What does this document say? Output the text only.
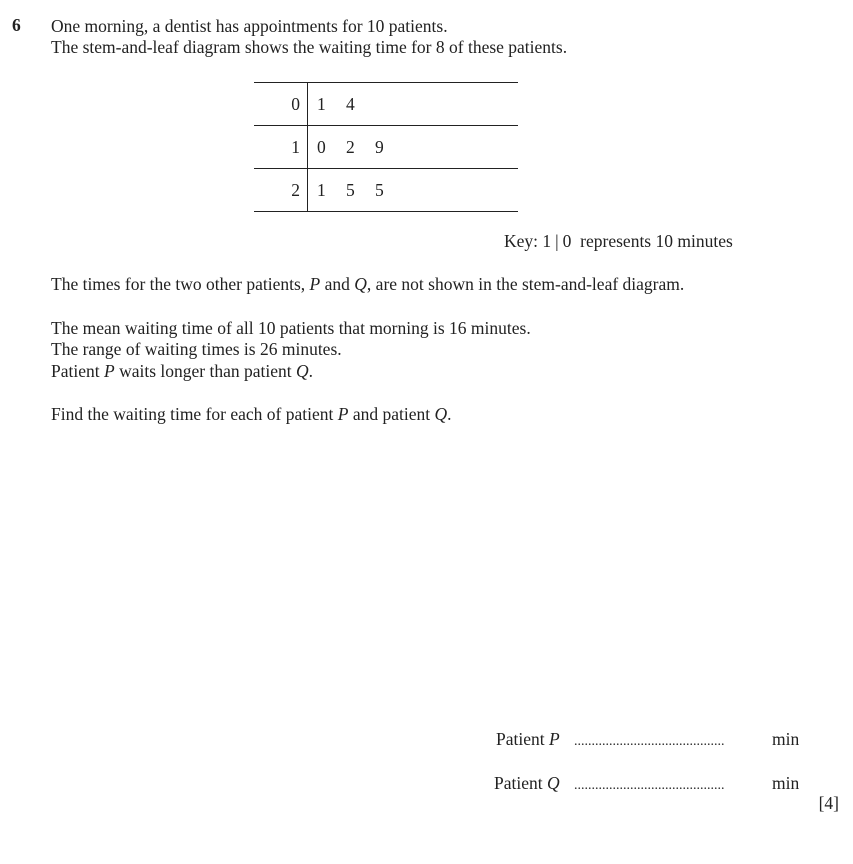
6 One morning, a dentist has appointments for 10 patients.
The stem-and-leaf diagram shows the waiting time for 8 of these patients.
0 1	4
1 0	2	9
2 1	5	5
Key: 1 | 0 represents 10 minutes
The times for the two other patients, P and Q, are not shown in the stem-and-leaf diagram.
The mean waiting time of all 10 patients that morning is 16 minutes.
The range of waiting times is 26 minutes.
Patient P waits longer than patient Q.
Find the waiting time for each of patient P and patient Q.
Patient P	...........................................	min
Patient Q	...........................................	min
[4]
